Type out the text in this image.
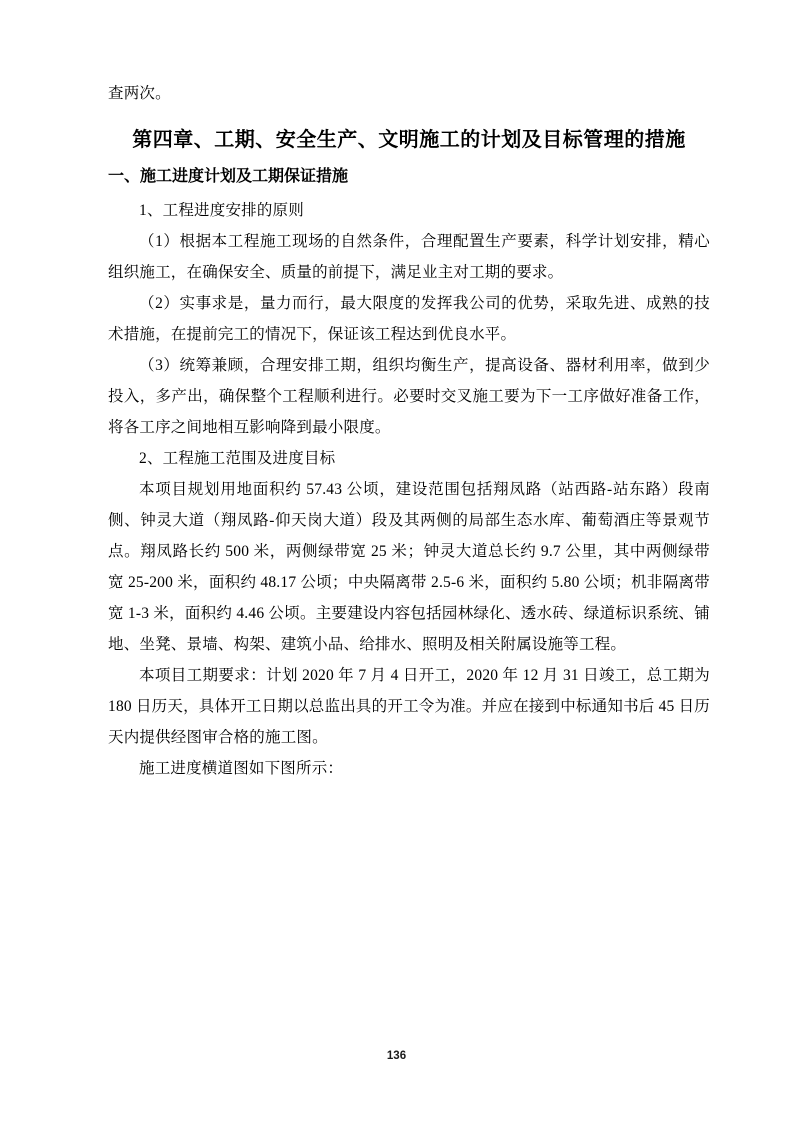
查两次。

第四章、工期、安全生产、文明施工的计划及目标管理的措施
一、施工进度计划及工期保证措施

1、工程进度安排的原则

（1）根据本工程施工现场的自然条件，合理配置生产要素，科学计划安排，精心组织施工，在确保安全、质量的前提下，满足业主对工期的要求。

（2）实事求是，量力而行，最大限度的发挥我公司的优势，采取先进、成熟的技术措施，在提前完工的情况下，保证该工程达到优良水平。

（3）统筹兼顾，合理安排工期，组织均衡生产，提高设备、器材利用率，做到少投入，多产出，确保整个工程顺利进行。必要时交叉施工要为下一工序做好准备工作，将各工序之间地相互影响降到最小限度。

2、工程施工范围及进度目标

本项目规划用地面积约 57.43 公顷，建设范围包括翔凤路（站西路-站东路）段南侧、钟灵大道（翔凤路-仰天岗大道）段及其两侧的局部生态水库、葡萄酒庄等景观节点。翔凤路长约 500 米，两侧绿带宽 25 米；钟灵大道总长约 9.7 公里，其中两侧绿带宽 25-200 米，面积约 48.17 公顷；中央隔离带 2.5-6 米，面积约 5.80 公顷；机非隔离带宽 1-3 米，面积约 4.46 公顷。主要建设内容包括园林绿化、透水砖、绿道标识系统、铺地、坐凳、景墙、构架、建筑小品、给排水、照明及相关附属设施等工程。

本项目工期要求：计划 2020 年 7 月 4 日开工，2020 年 12 月 31 日竣工，总工期为 180 日历天，具体开工日期以总监出具的开工令为准。并应在接到中标通知书后 45 日历天内提供经图审合格的施工图。

施工进度横道图如下图所示：

136
